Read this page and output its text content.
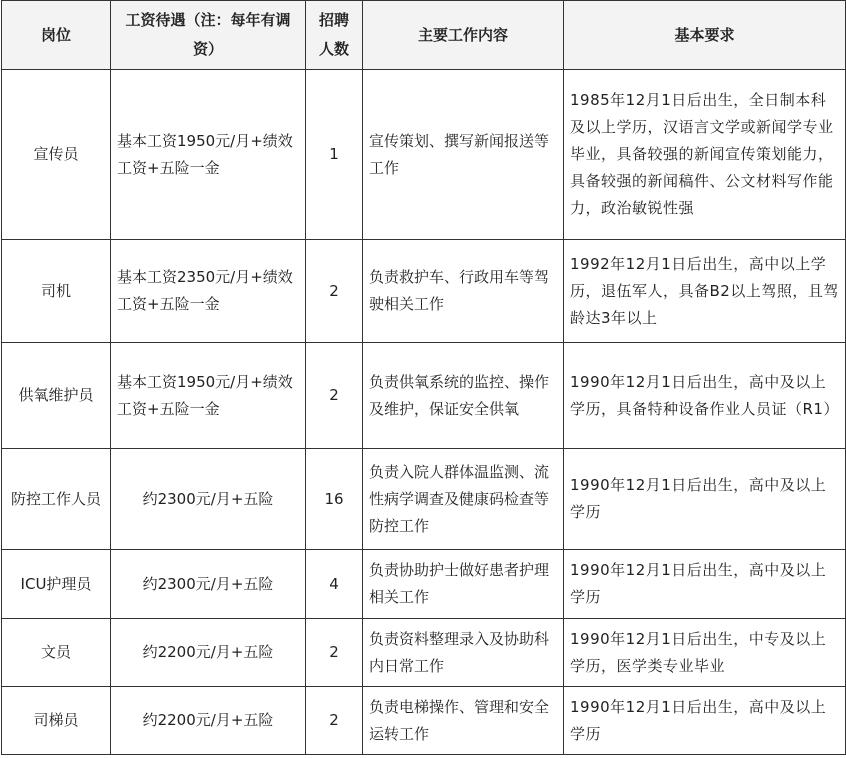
岗位	工资待遇（注：每年有调资）	招聘人数	主要工作内容	基本要求
宣传员	基本工资1950元/月+绩效工资+五险一金	1	宣传策划、撰写新闻报送等工作	1985年12月1日后出生，全日制本科及以上学历，汉语言文学或新闻学专业毕业，具备较强的新闻宣传策划能力，具备较强的新闻稿件、公文材料写作能力，政治敏锐性强
司机	基本工资2350元/月+绩效工资+五险一金	2	负责救护车、行政用车等驾驶相关工作	1992年12月1日后出生，高中以上学历，退伍军人，具备B2以上驾照，且驾龄达3年以上
供氧维护员	基本工资1950元/月+绩效工资+五险一金	2	负责供氧系统的监控、操作及维护，保证安全供氧	1990年12月1日后出生，高中及以上学历，具备特种设备作业人员证（R1）
防控工作人员	约2300元/月+五险	16	负责入院人群体温监测、流性病学调查及健康码检查等防控工作	1990年12月1日后出生，高中及以上学历
ICU护理员	约2300元/月+五险	4	负责协助护士做好患者护理相关工作	1990年12月1日后出生，高中及以上学历
文员	约2200元/月+五险	2	负责资料整理录入及协助科内日常工作	1990年12月1日后出生，中专及以上学历，医学类专业毕业
司梯员	约2200元/月+五险	2	负责电梯操作、管理和安全运转工作	1990年12月1日后出生，高中及以上学历
